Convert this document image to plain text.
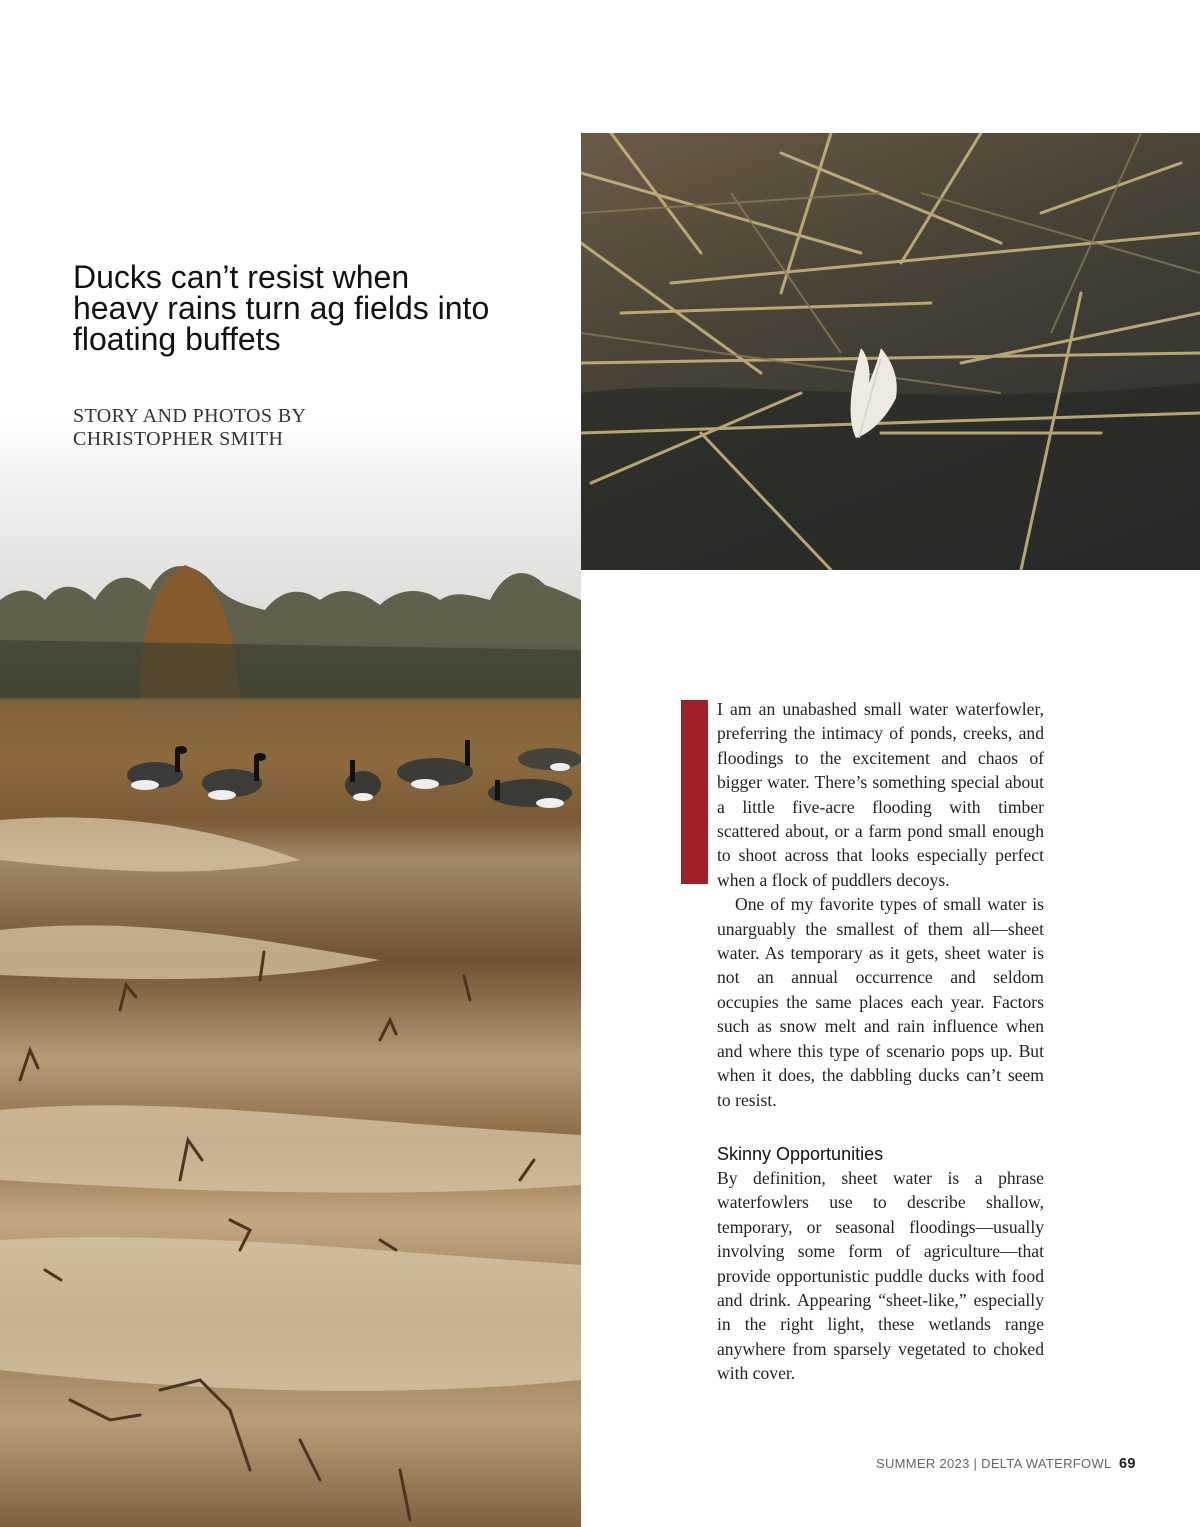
Ducks can’t resist when heavy rains turn ag fields into floating buffets
STORY AND PHOTOS BY
CHRISTOPHER SMITH

I am an unabashed small water waterfowler, preferring the intimacy of ponds, creeks, and floodings to the excitement and chaos of bigger water. There’s something special about a little five-acre flooding with timber scattered about, or a farm pond small enough to shoot across that looks especially perfect when a flock of puddlers decoys.

One of my favorite types of small water is unarguably the smallest of them all—sheet water. As temporary as it gets, sheet water is not an annual occurrence and seldom occupies the same places each year. Factors such as snow melt and rain influence when and where this type of scenario pops up. But when it does, the dabbling ducks can’t seem to resist.

Skinny Opportunities

By definition, sheet water is a phrase waterfowlers use to describe shallow, temporary, or seasonal floodings—usually involving some form of agriculture—that provide opportunistic puddle ducks with food and drink. Appearing “sheet-like,” especially in the right light, these wetlands range anywhere from sparsely vegetated to choked with cover.

SUMMER 2023 | DELTA WATERFOWL 69
